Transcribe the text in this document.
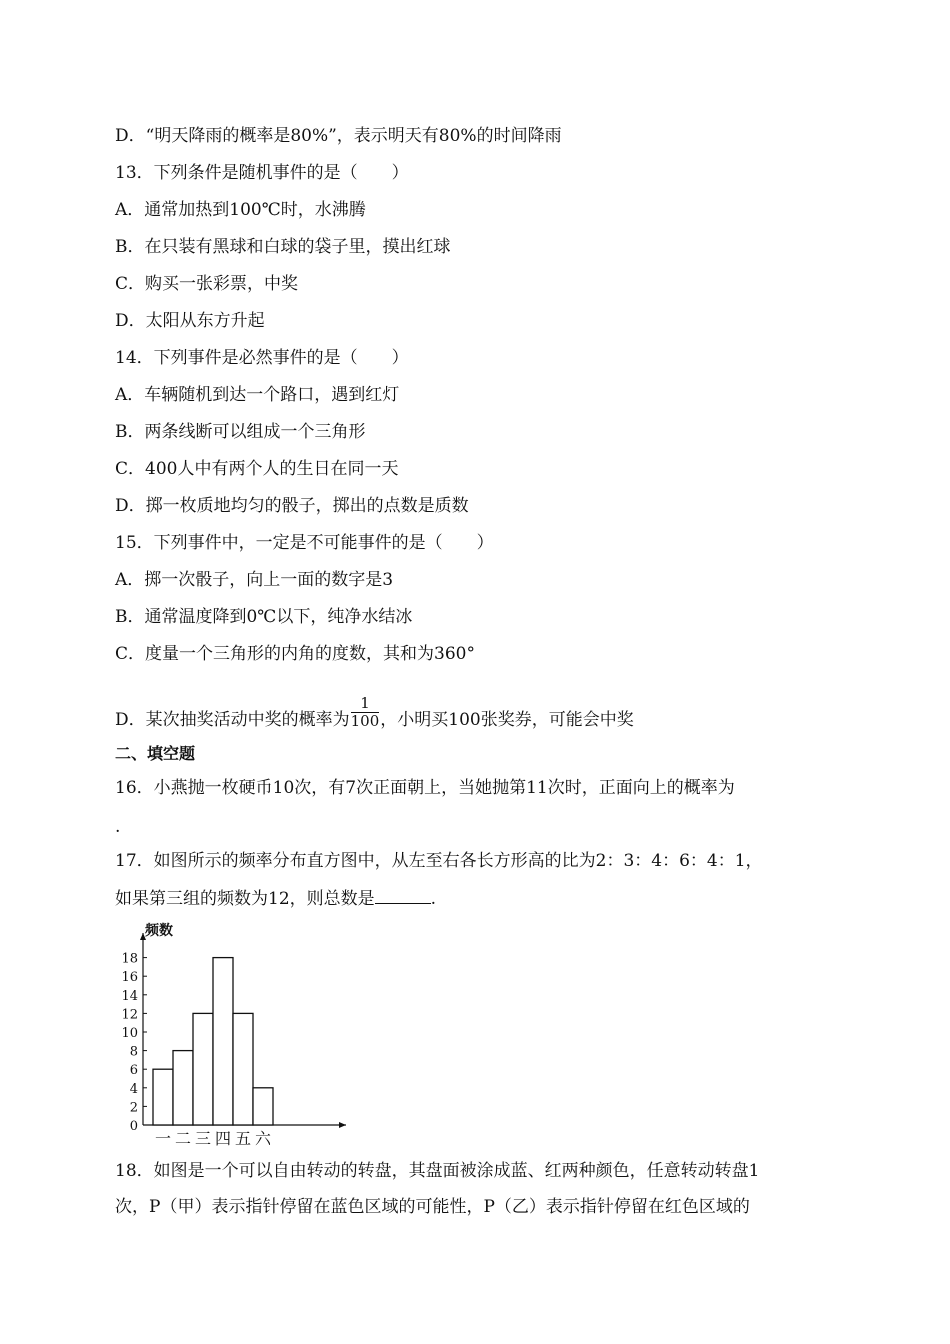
D．“明天降雨的概率是80%”，表示明天有80%的时间降雨
13．下列条件是随机事件的是（　　）
A．通常加热到100℃时，水沸腾
B．在只装有黑球和白球的袋子里，摸出红球
C．购买一张彩票，中奖
D．太阳从东方升起
14．下列事件是必然事件的是（　　）
A．车辆随机到达一个路口，遇到红灯
B．两条线断可以组成一个三角形
C．400人中有两个人的生日在同一天
D．掷一枚质地均匀的骰子，掷出的点数是质数
15．下列事件中，一定是不可能事件的是（　　）
A．掷一次骰子，向上一面的数字是3
B．通常温度降到0℃以下，纯净水结冰
C．度量一个三角形的内角的度数，其和为360°
D．某次抽奖活动中奖的概率为 $\frac{1}{100}$ ，小明买100张奖券，可能会中奖
二、填空题
16．小燕抛一枚硬币10次，有7次正面朝上，当她抛第11次时，正面向上的概率为
.
17．如图所示的频率分布直方图中，从左至右各长方形高的比为2：3：4：6：4：1，
如果第三组的频数为12，则总数是	.
频数
0
2
4
6
8
10
12
14
16
18
一 二 三 四 五 六
18．如图是一个可以自由转动的转盘，其盘面被涂成蓝、红两种颜色，任意转动转盘1
次，P（甲）表示指针停留在蓝色区域的可能性，P（乙）表示指针停留在红色区域的
